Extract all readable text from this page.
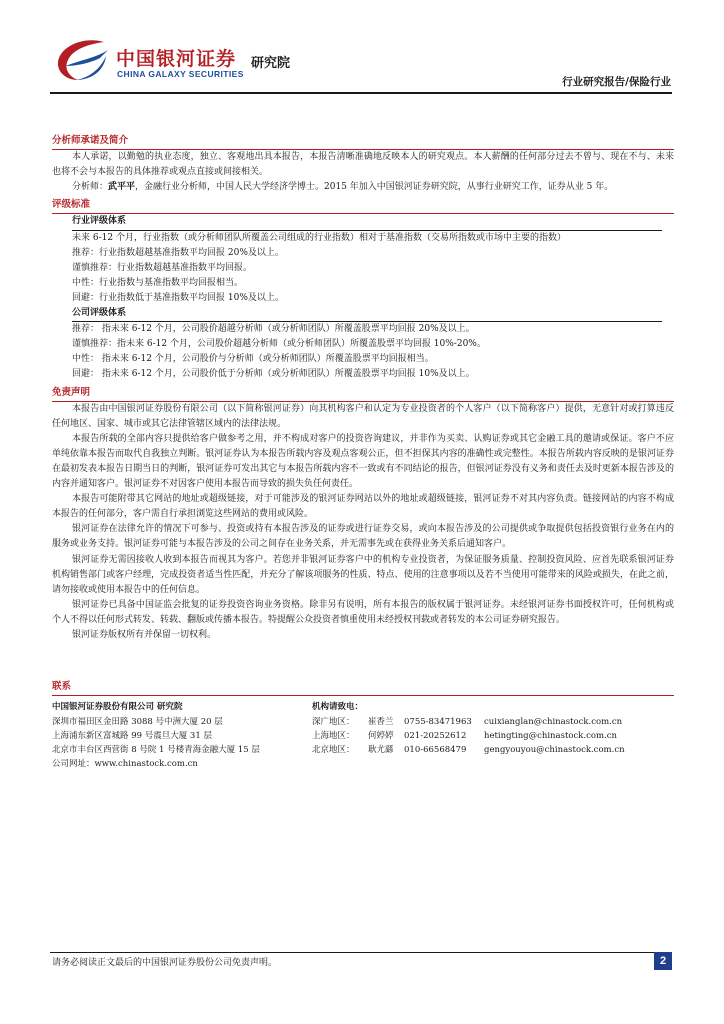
中国银河证券
CHINA GALAXY SECURITIES
研究院
行业研究报告/保险行业
分析师承诺及简介

本人承诺，以勤勉的执业态度，独立、客观地出具本报告，本报告清晰准确地反映本人的研究观点。本人薪酬的任何部分过去不曾与、现在不与、未来也将不会与本报告的具体推荐或观点直接或间接相关。

分析师：武平平，金融行业分析师，中国人民大学经济学博士。2015 年加入中国银河证券研究院，从事行业研究工作，证券从业 5 年。

评级标准
行业评级体系
未来 6-12 个月，行业指数（或分析师团队所覆盖公司组成的行业指数）相对于基准指数（交易所指数或市场中主要的指数）
推荐：行业指数超越基准指数平均回报 20%及以上。
谨慎推荐：行业指数超越基准指数平均回报。
中性：行业指数与基准指数平均回报相当。
回避：行业指数低于基准指数平均回报 10%及以上。
公司评级体系
推荐： 指未来 6-12 个月，公司股价超越分析师（或分析师团队）所覆盖股票平均回报 20%及以上。
谨慎推荐：指未来 6-12 个月，公司股价超越分析师（或分析师团队）所覆盖股票平均回报 10%-20%。
中性： 指未来 6-12 个月，公司股价与分析师（或分析师团队）所覆盖股票平均回报相当。
回避： 指未来 6-12 个月，公司股价低于分析师（或分析师团队）所覆盖股票平均回报 10%及以上。
免责声明

本报告由中国银河证券股份有限公司（以下简称银河证券）向其机构客户和认定为专业投资者的个人客户（以下简称客户）提供，无意针对或打算违反任何地区、国家、城市或其它法律管辖区域内的法律法规。

本报告所载的全部内容只提供给客户做参考之用，并不构成对客户的投资咨询建议，并非作为买卖、认购证券或其它金融工具的邀请或保证。客户不应单纯依靠本报告而取代自我独立判断。银河证券认为本报告所载内容及观点客观公正，但不担保其内容的准确性或完整性。本报告所载内容反映的是银河证券在最初发表本报告日期当日的判断，银河证券可发出其它与本报告所载内容不一致或有不同结论的报告，但银河证券没有义务和责任去及时更新本报告涉及的内容并通知客户。银河证券不对因客户使用本报告而导致的损失负任何责任。

本报告可能附带其它网站的地址或超级链接，对于可能涉及的银河证券网站以外的地址或超级链接，银河证券不对其内容负责。链接网站的内容不构成本报告的任何部分，客户需自行承担浏览这些网站的费用或风险。

银河证券在法律允许的情况下可参与、投资或持有本报告涉及的证券或进行证券交易，或向本报告涉及的公司提供或争取提供包括投资银行业务在内的服务或业务支持。银河证券可能与本报告涉及的公司之间存在业务关系，并无需事先或在获得业务关系后通知客户。

银河证券无需因接收人收到本报告而视其为客户。若您并非银河证券客户中的机构专业投资者，为保证服务质量、控制投资风险、应首先联系银河证券机构销售部门或客户经理，完成投资者适当性匹配，并充分了解该项服务的性质、特点、使用的注意事项以及若不当使用可能带来的风险或损失，在此之前，请勿接收或使用本报告中的任何信息。

银河证券已具备中国证监会批复的证券投资咨询业务资格。除非另有说明，所有本报告的版权属于银河证券。未经银河证券书面授权许可，任何机构或个人不得以任何形式转发、转载、翻版或传播本报告。特提醒公众投资者慎重使用未经授权刊载或者转发的本公司证券研究报告。

银河证券版权所有并保留一切权利。

联系
中国银河证券股份有限公司 研究院
深圳市福田区金田路 3088 号中洲大厦 20 层
上海浦东新区富城路 99 号震旦大厦 31 层
北京市丰台区西营街 8 号院 1 号楼青海金融大厦 15 层
公司网址：www.chinastock.com.cn
机构请致电：
深广地区： 崔香兰 0755-83471963 cuixianglan@chinastock.com.cn
上海地区： 何婷婷 021-20252612 hetingting@chinastock.com.cn
北京地区： 耿尤繇 010-66568479 gengyouyou@chinastock.com.cn
请务必阅读正文最后的中国银河证券股份公司免责声明。	2
